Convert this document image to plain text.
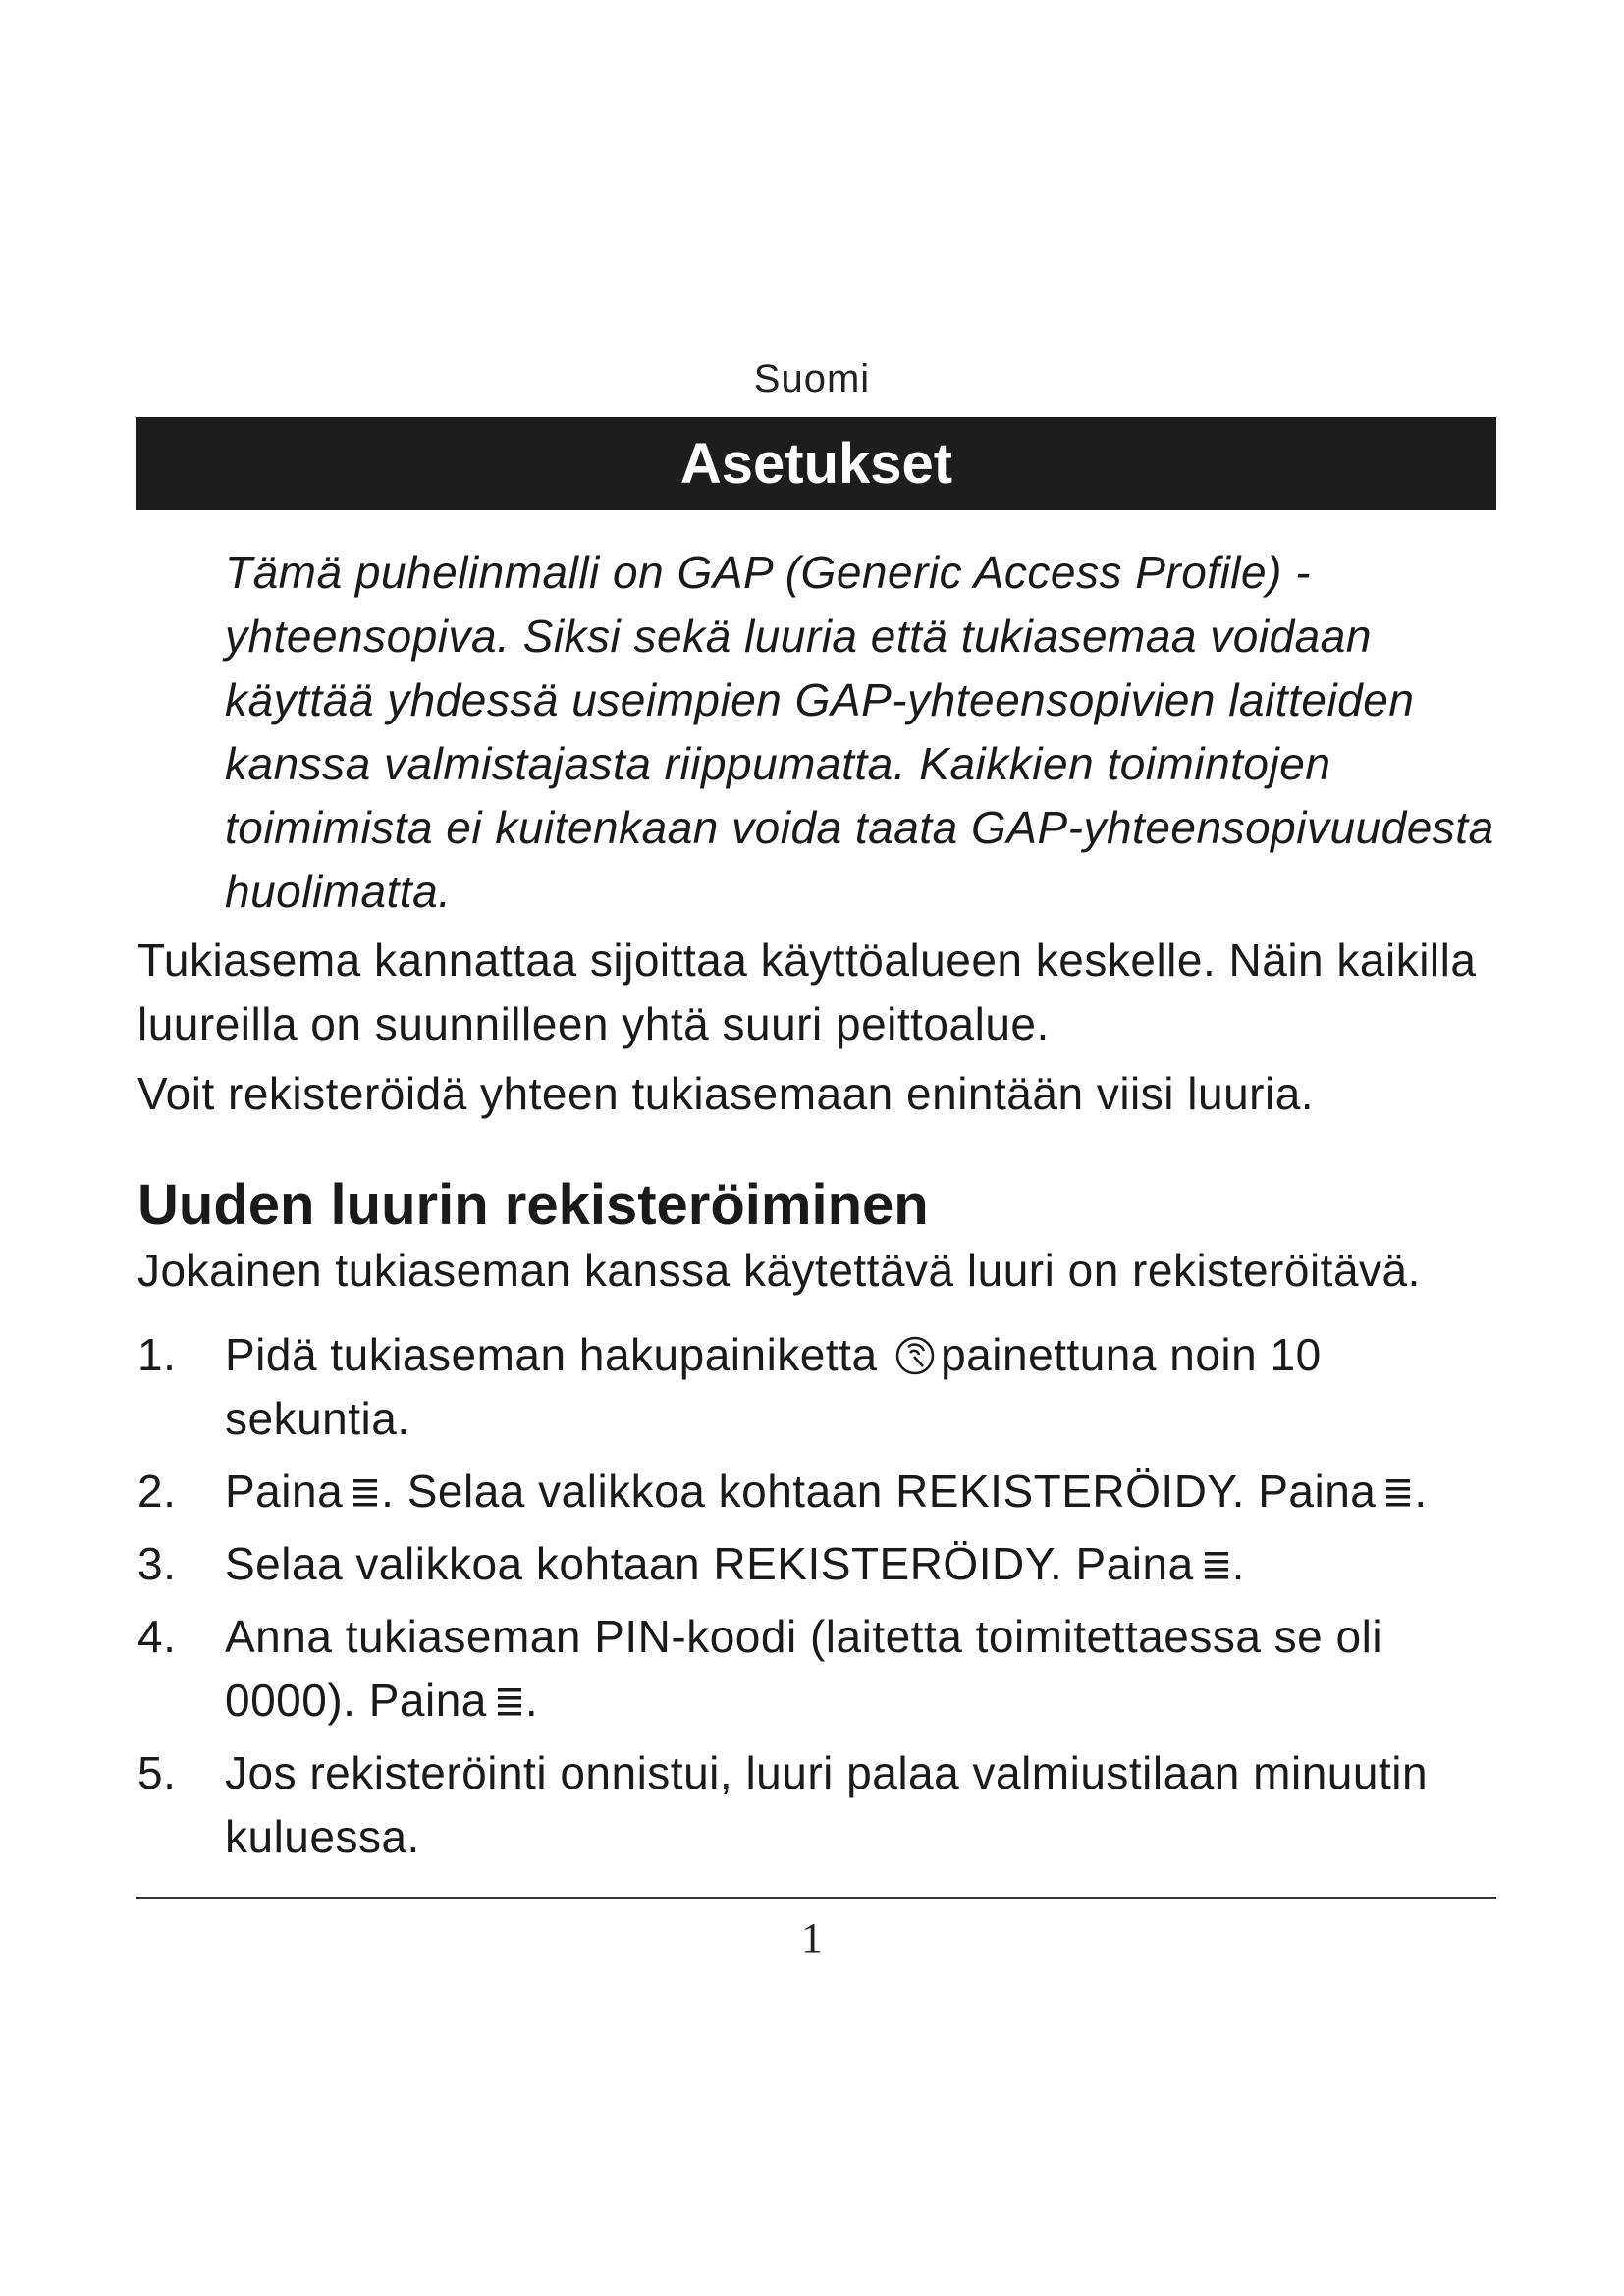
Suomi
Asetukset
Tämä puhelinmalli on GAP (Generic Access Profile) -yhteensopiva. Siksi sekä luuria että tukiasemaa voidaan käyttää yhdessä useimpien GAP-yhteensopivien laitteiden kanssa valmistajasta riippumatta. Kaikkien toimintojen toimimista ei kuitenkaan voida taata GAP-yhteensopivuudesta huolimatta.
Tukiasema kannattaa sijoittaa käyttöalueen keskelle. Näin kaikilla luureilla on suunnilleen yhtä suuri peittoalue.
Voit rekisteröidä yhteen tukiasemaan enintään viisi luuria.
Uuden luurin rekisteröiminen
Jokainen tukiaseman kanssa käytettävä luuri on rekisteröitävä.
1. Pidä tukiaseman hakupainiketta painettuna noin 10 sekuntia.
2. Paina . Selaa valikkoa kohtaan REKISTERÖIDY. Paina .
3. Selaa valikkoa kohtaan REKISTERÖIDY. Paina .
4. Anna tukiaseman PIN-koodi (laitetta toimitettaessa se oli 0000). Paina .
5. Jos rekisteröinti onnistui, luuri palaa valmiustilaan minuutin kuluessa.
1
